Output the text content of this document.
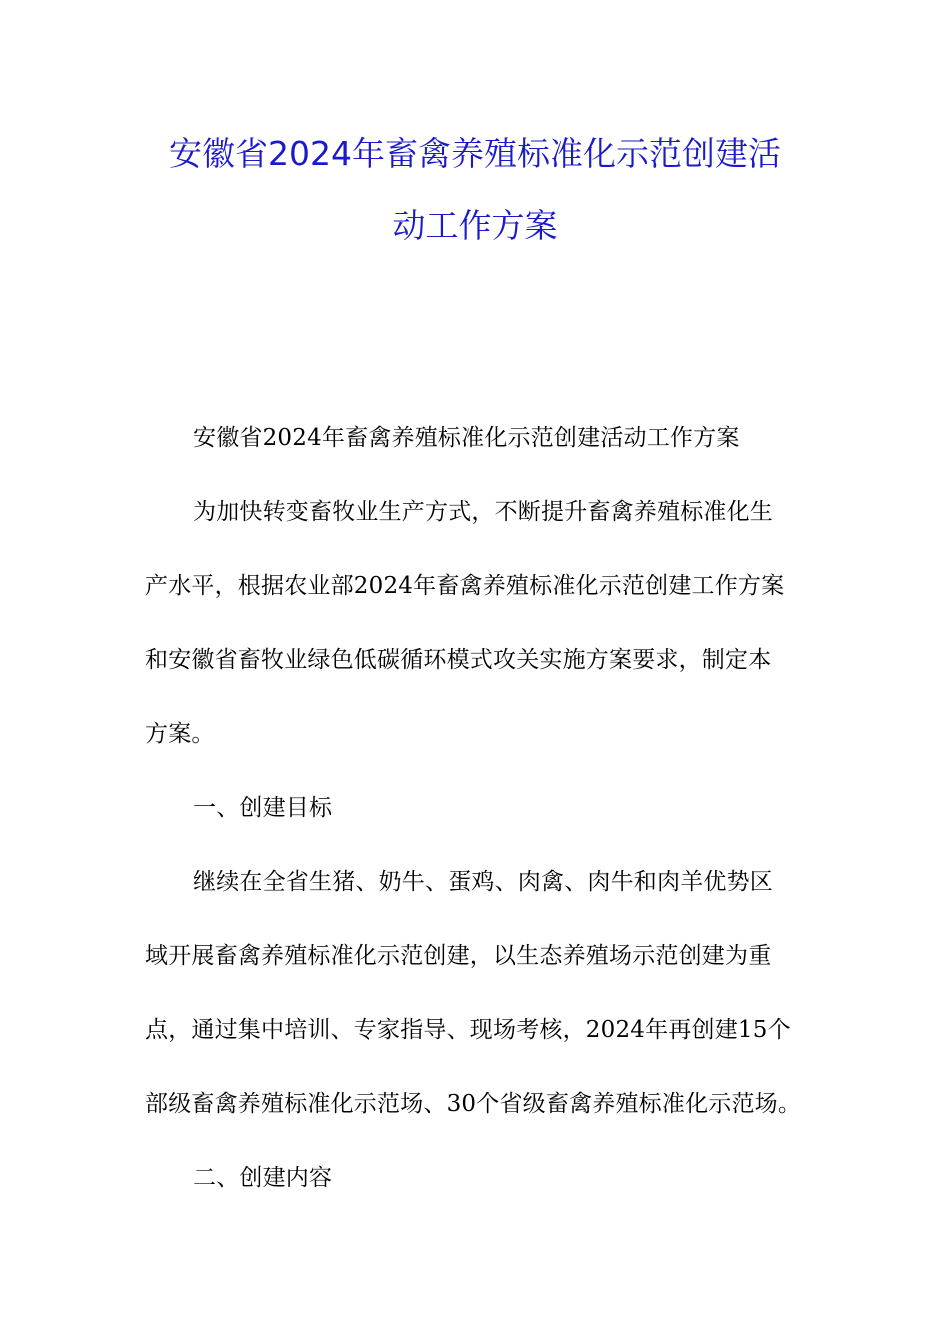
安徽省2024年畜禽养殖标准化示范创建活
动工作方案
安徽省2024年畜禽养殖标准化示范创建活动工作方案
为加快转变畜牧业生产方式，不断提升畜禽养殖标准化生
产水平，根据农业部2024年畜禽养殖标准化示范创建工作方案
和安徽省畜牧业绿色低碳循环模式攻关实施方案要求，制定本
方案。
一、创建目标
继续在全省生猪、奶牛、蛋鸡、肉禽、肉牛和肉羊优势区
域开展畜禽养殖标准化示范创建，以生态养殖场示范创建为重
点，通过集中培训、专家指导、现场考核，2024年再创建15个
部级畜禽养殖标准化示范场、30个省级畜禽养殖标准化示范场。
二、创建内容
